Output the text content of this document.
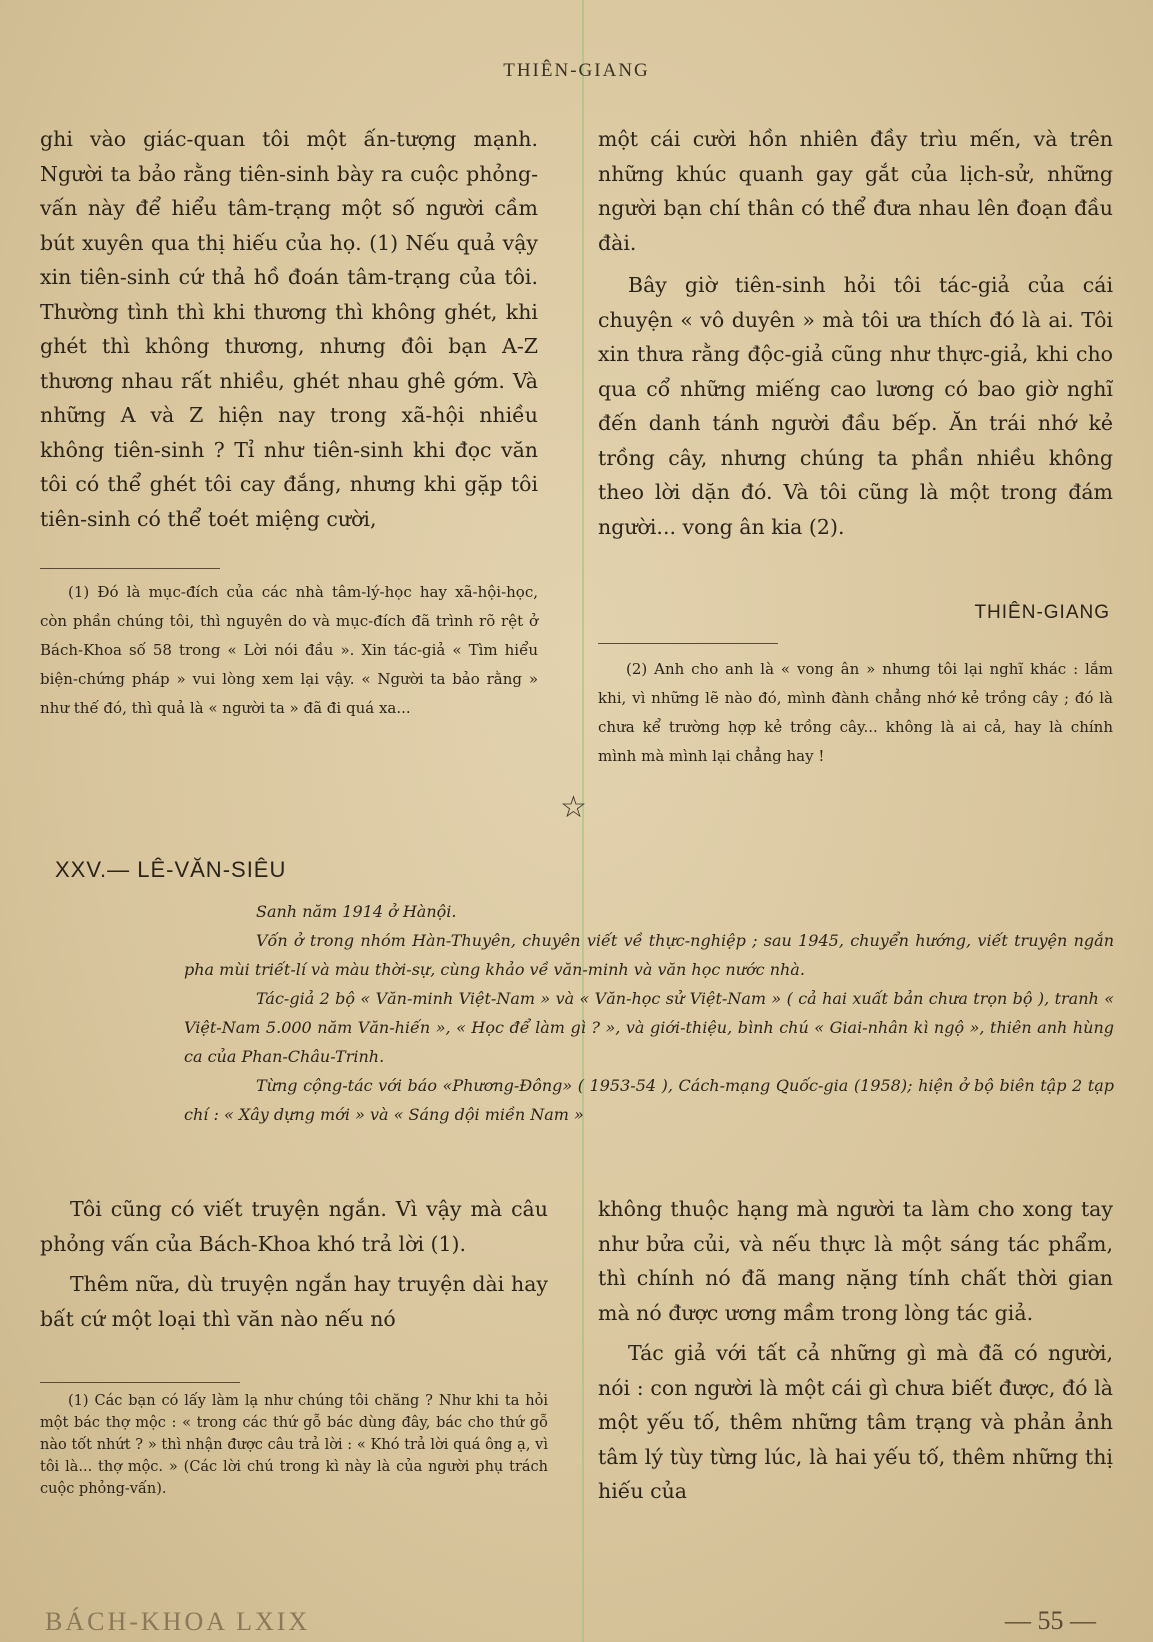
THIÊN-GIANG

ghi vào giác-quan tôi một ấn-tượng mạnh. Người ta bảo rằng tiên-sinh bày ra cuộc phỏng-vấn này để hiểu tâm-trạng một số người cầm bút xuyên qua thị hiếu của họ. (1) Nếu quả vậy xin tiên-sinh cứ thả hồ đoán tâm-trạng của tôi. Thường tình thì khi thương thì không ghét, khi ghét thì không thương, nhưng đôi bạn A-Z thương nhau rất nhiều, ghét nhau ghê gớm. Và những A và Z hiện nay trong xã-hội nhiều không tiên-sinh ? Tỉ như tiên-sinh khi đọc văn tôi có thể ghét tôi cay đắng, nhưng khi gặp tôi tiên-sinh có thể toét miệng cười,

(1) Đó là mục-đích của các nhà tâm-lý-học hay xã-hội-học, còn phần chúng tôi, thì nguyên do và mục-đích đã trình rõ rệt ở Bách-Khoa số 58 trong « Lời nói đầu ». Xin tác-giả « Tìm hiểu biện-chứng pháp » vui lòng xem lại vậy. « Người ta bảo rằng » như thế đó, thì quả là « người ta » đã đi quá xa...

một cái cười hồn nhiên đầy trìu mến, và trên những khúc quanh gay gắt của lịch-sử, những người bạn chí thân có thể đưa nhau lên đoạn đầu đài.

Bây giờ tiên-sinh hỏi tôi tác-giả của cái chuyện « vô duyên » mà tôi ưa thích đó là ai. Tôi xin thưa rằng độc-giả cũng như thực-giả, khi cho qua cổ những miếng cao lương có bao giờ nghĩ đến danh tánh người đầu bếp. Ăn trái nhớ kẻ trồng cây, nhưng chúng ta phần nhiều không theo lời dặn đó. Và tôi cũng là một trong đám người... vong ân kia (2).

THIÊN-GIANG

(2) Anh cho anh là « vong ân » nhưng tôi lại nghĩ khác : lắm khi, vì những lẽ nào đó, mình đành chẳng nhớ kẻ trồng cây ; đó là chưa kể trường hợp kẻ trồng cây... không là ai cả, hay là chính mình mà mình lại chẳng hay !

☆
XXV.— LÊ-VĂN-SIÊU

Sanh năm 1914 ở Hànội.

Vốn ở trong nhóm Hàn-Thuyên, chuyên viết về thực-nghiệp ; sau 1945, chuyển hướng, viết truyện ngắn pha mùi triết-lí và màu thời-sự, cùng khảo về văn-minh và văn học nước nhà.

Tác-giả 2 bộ « Văn-minh Việt-Nam » và « Văn-học sử Việt-Nam » ( cả hai xuất bản chưa trọn bộ ), tranh « Việt-Nam 5.000 năm Văn-hiến », « Học để làm gì ? », và giới-thiệu, bình chú « Giai-nhân kì ngộ », thiên anh hùng ca của Phan-Châu-Trinh.

Từng cộng-tác với báo «Phương-Đông» ( 1953-54 ), Cách-mạng Quốc-gia (1958); hiện ở bộ biên tập 2 tạp chí : « Xây dựng mới » và « Sáng dội miền Nam »

Tôi cũng có viết truyện ngắn. Vì vậy mà câu phỏng vấn của Bách-Khoa khó trả lời (1).

Thêm nữa, dù truyện ngắn hay truyện dài hay bất cứ một loại thì văn nào nếu nó

(1) Các bạn có lấy làm lạ như chúng tôi chăng ? Như khi ta hỏi một bác thợ mộc : « trong các thứ gỗ bác dùng đây, bác cho thứ gỗ nào tốt nhứt ? » thì nhận được câu trả lời : « Khó trả lời quá ông ạ, vì tôi là... thợ mộc. » (Các lời chú trong kì này là của người phụ trách cuộc phỏng-vấn).

không thuộc hạng mà người ta làm cho xong tay như bửa củi, và nếu thực là một sáng tác phẩm, thì chính nó đã mang nặng tính chất thời gian mà nó được ương mầm trong lòng tác giả.

Tác giả với tất cả những gì mà đã có người, nói : con người là một cái gì chưa biết được, đó là một yếu tố, thêm những tâm trạng và phản ảnh tâm lý tùy từng lúc, là hai yếu tố, thêm những thị hiếu của

BÁCH-KHOA LXIX	— 55 —
